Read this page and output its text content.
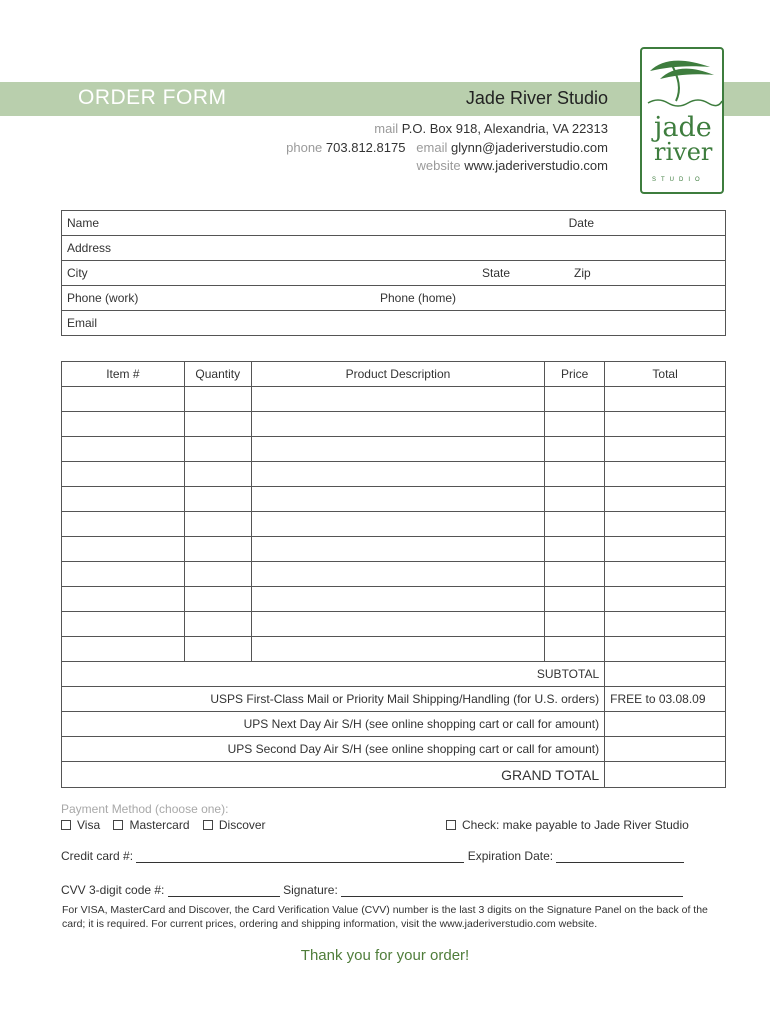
ORDER FORM	Jade River Studio
mail P.O. Box 918, Alexandria, VA 22313
phone 703.812.8175 email glynn@jaderiverstudio.com
website www.jaderiverstudio.com
jade
river
STUDIO
Name	Date

Address
City	State	Zip

Phone (work)	Phone (home)

Email
Item #	Quantity	Product Description	Price	Total

SUBTOTAL				
USPS First-Class Mail or Priority Mail Shipping/Handling (for U.S. orders)				FREE to 03.08.09
UPS Next Day Air S/H (see online shopping cart or call for amount)				
UPS Second Day Air S/H (see online shopping cart or call for amount)				
GRAND TOTAL				
Payment Method (choose one):
Visa Mastercard Discover	Check: make payable to Jade River Studio
Credit card #:	Expiration Date:
CVV 3-digit code #:	Signature:
For VISA, MasterCard and Discover, the Card Verification Value (CVV) number is the last 3 digits on the Signature Panel on the back of the card; it is required. For current prices, ordering and shipping information, visit the www.jaderiverstudio.com website.
Thank you for your order!
